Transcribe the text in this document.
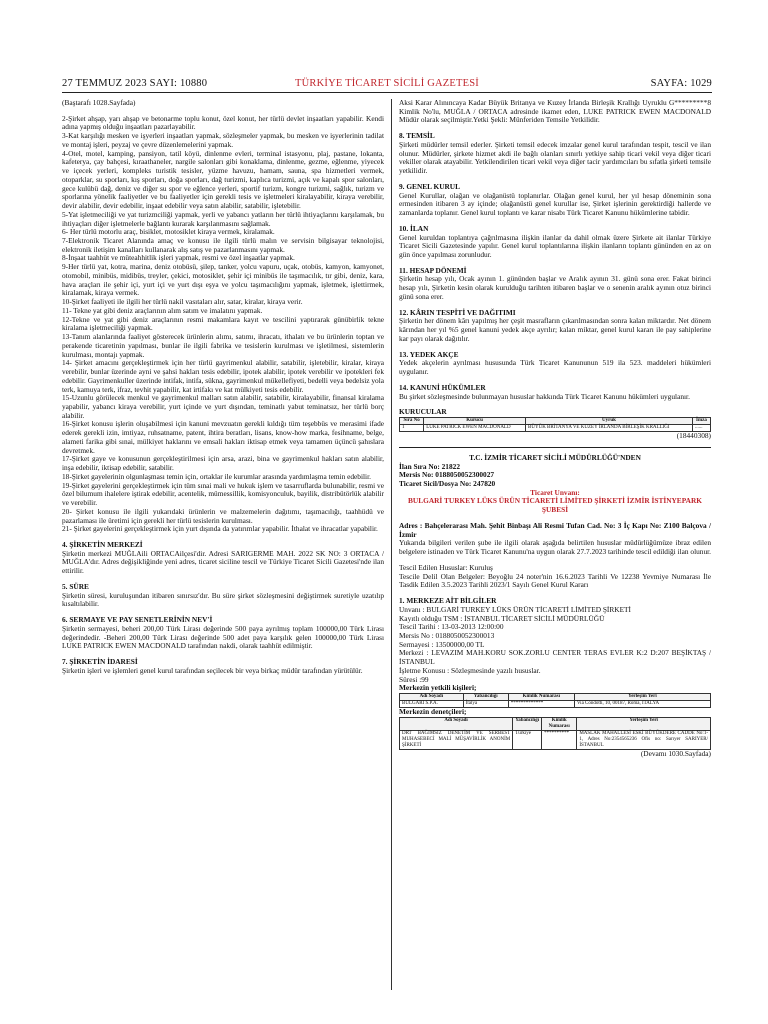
27 TEMMUZ 2023 SAYI: 10880	TÜRKİYE TİCARET SİCİLİ GAZETESİ	SAYFA: 1029

(Baştarafı 1028.Sayfada)

2-Şirket ahşap, yarı ahşap ve betonarme toplu konut, özel konut, her türlü devlet inşaatları yapabilir. Kendi adına yapmış olduğu inşaatları pazarlayabilir.

3-Kat karşılığı mesken ve işyerleri inşaatları yapmak, sözleşmeler yapmak, bu mesken ve işyerlerinin tadilat ve montaj işleri, peyzaj ve çevre düzenlemelerini yapmak.

4-Otel, motel, kamping, pansiyon, tatil köyü, dinlenme evleri, terminal istasyonu, plaj, pastane, lokanta, kafeterya, çay bahçesi, kıraathaneler, nargile salonları gibi konaklama, dinlenme, gezme, eğlenme, yiyecek ve içecek yerleri, kompleks turistik tesisler, yüzme havuzu, hamam, sauna, spa hizmetleri vermek, otoparklar, su sporları, kış sporları, doğa sporları, dağ turizmi, kaplıca turizmi, açık ve kapalı spor salonları, gece kulübü dağ, deniz ve diğer su spor ve eğlence yerleri, sportif turizm, kongre turizmi, sağlık, turizm ve sporlarına yönelik faaliyetler ve bu faaliyetler için gerekli tesis ve işletmeleri kiralayabilir, kiraya verebilir, devir alabilir, devir edebilir, inşaat edebilir veya satın alabilir, satabilir, işletebilir.

5-Yat işletmeciliği ve yat turizmciliği yapmak, yerli ve yabancı yatların her türlü ihtiyaçlarını karşılamak, bu ihtiyaçları diğer işletmelerle bağlantı kurarak karşılanmasını sağlamak.

6- Her türlü motorlu araç, bisiklet, motosiklet kiraya vermek, kiralamak.

7-Elektronik Ticaret Alanında amaç ve konusu ile ilgili türlü malın ve servisin bilgisayar teknolojisi, elektronik iletişim kanalları kullanarak alış satış ve pazarlanmasını yapmak.

8-İnşaat taahhüt ve müteahhitlik işleri yapmak, resmi ve özel inşaatlar yapmak.

9-Her türlü yat, kotra, marina, deniz otobüsü, şilep, tanker, yolcu vapuru, uçak, otobüs, kamyon, kamyonet, otomobil, minibüs, midibüs, treyler, çekici, motosiklet, şehir içi minibüs ile taşımacılık, tır gibi, deniz, kara, hava araçları ile şehir içi, yurt içi ve yurt dışı eşya ve yolcu taşımacılığını yapmak, işletmek, işlettirmek, kiralamak, kiraya vermek.

10-Şirket faaliyeti ile ilgili her türlü nakil vasıtaları alır, satar, kiralar, kiraya verir.

11- Tekne yat gibi deniz araçlarının alım satım ve imalatını yapmak.

12-Tekne ve yat gibi deniz araçlarının resmi makamlara kayıt ve tescilini yaptırarak günübirlik tekne kiralama işletmeciliği yapmak.

13-Tanım alanlarında faaliyet gösterecek ürünlerin alımı, satımı, ihracatı, ithalatı ve bu ürünlerin toptan ve perakende ticaretinin yapılması, bunlar ile ilgili fabrika ve tesislerin kurulması ve işletilmesi, sistemlerin kurulması, montajı yapmak.

14- Şirket amacını gerçekleştirmek için her türlü gayrimenkul alabilir, satabilir, işletebilir, kiralar, kiraya verebilir, bunlar üzerinde ayni ve şahsi hakları tesis edebilir, ipotek alabilir, ipotek verebilir ve ipotekleri fek edebilir. Gayrimenkuller üzerinde intifak, intifa, sükna, gayrimenkul mükellefiyeti, bedelli veya bedelsiz yola terk, kamuya terk, ifraz, tevhit yapabilir, kat irtifakı ve kat mülkiyeti tesis edebilir.

15-Uzunlu görülecek menkul ve gayrimenkul malları satın alabilir, satabilir, kiralayabilir, finansal kiralama yapabilir, yabancı kiraya verebilir, yurt içinde ve yurt dışından, teminatlı yabut teminatsız, her türlü borç alabilir.

16-Şirket konusu işlerin oluşabilmesi için kanuni mevzuatın gerekli kıldığı tüm teşebbüs ve merasimi ifade ederek gerekli izin, imtiyaz, ruhsatname, patent, ihtira beratları, lisans, know-how marka, fesihname, belge, alameti farika gibi sınai, mülkiyet haklarını ve emsali hakları iktisap etmek veya tamamen üçüncü şahıslara devretmek.

17-Şirket gaye ve konusunun gerçekleştirilmesi için arsa, arazi, bina ve gayrimenkul hakları satın alabilir, inşa edebilir, iktisap edebilir, satabilir.

18-Şirket gayelerinin olgunlaşması temin için, ortaklar ile kurumlar arasında yardımlaşma temin edebilir.

19-Şirket gayelerini gerçekleştirmek için tüm sınai mali ve hukuk işlem ve tasarruflarda bulunabilir, resmi ve özel bilumum ihalelere iştirak edebilir, acentelik, mümessillik, komisyonculuk, bayilik, distribütörlük alabilir ve verebilir.

20- Şirket konusu ile ilgili yukarıdaki ürünlerin ve malzemelerin dağıtımı, taşımacılığı, taahhüdü ve pazarlaması ile üretimi için gerekli her türlü tesislerin kurulması.

21- Şirket gayelerini gerçekleştirmek için yurt dışında da yatırımlar yapabilir. İthalat ve ihracatlar yapabilir.

4. ŞİRKETİN MERKEZİ

Şirketin merkezi MUĞLAili ORTACAilçesi'dir. Adresi SARIGERME MAH. 2022 SK NO: 3 ORTACA / MUĞLA'dır. Adres değişikliğinde yeni adres, ticaret siciline tescil ve Türkiye Ticaret Sicili Gazetesi'nde ilan ettirilir.

5. SÜRE

Şirketin süresi, kuruluşundan itibaren sınırsız'dır. Bu süre şirket sözleşmesini değiştirmek suretiyle uzatılıp kısaltılabilir.

6. SERMAYE VE PAY SENETLERİNİN NEV'İ

Şirketin sermayesi, beheri 200,00 Türk Lirası değerinde 500 paya ayrılmış toplam 100000,00 Türk Lirası değerindedir. -Beheri 200,00 Türk Lirası değerinde 500 adet paya karşılık gelen 100000,00 Türk Lirası LUKE PATRICK EWEN MACDONALD tarafından nakdi, olarak taahhüt edilmiştir.

7. ŞİRKETİN İDARESİ

Şirketin işleri ve işlemleri genel kurul tarafından seçilecek bir veya birkaç müdür tarafından yürütülür.

Aksi Karar Alınıncaya Kadar Büyük Britanya ve Kuzey İrlanda Birleşik Krallığı Uyruklu G*********8 Kimlik No'lu, MUĞLA / ORTACA adresinde ikamet eden, LUKE PATRICK EWEN MACDONALD Müdür olarak seçilmiştir.Yetki Şekli: Münferiden Temsile Yetkilidir.

8. TEMSİL

Şirketi müdürler temsil ederler. Şirketi temsil edecek imzalar genel kurul tarafından tespit, tescil ve ilan olunur. Müdürler, şirkete hizmet akdi ile bağlı olanları sınırlı yetkiye sahip ticari vekil veya diğer ticari vekiller olarak atayabilir. Yetkilendirilen ticari vekil veya diğer tacir yardımcıları bu sıfatla şirketi temsile yetkilidir.

9. GENEL KURUL

Genel Kurullar, olağan ve olağanüstü toplanırlar. Olağan genel kurul, her yıl hesap döneminin sona ermesinden itibaren 3 ay içinde; olağanüstü genel kurullar ise, Şirket işlerinin gerektirdiği hallerde ve zamanlarda toplanır. Genel kurul toplantı ve karar nisabı Türk Ticaret Kanunu hükümlerine tabidir.

10. İLAN

Genel kuruldan toplantıya çağrılmasına ilişkin ilanlar da dahil olmak üzere Şirkete ait ilanlar Türkiye Ticaret Sicili Gazetesinde yapılır. Genel kurul toplantılarına ilişkin ilanların toplantı gününden en az on gün önce yapılması zorunludur.

11. HESAP DÖNEMİ

Şirketin hesap yılı, Ocak ayının 1. gününden başlar ve Aralık ayının 31. günü sona erer. Fakat birinci hesap yılı, Şirketin kesin olarak kurulduğu tarihten itibaren başlar ve o senenin aralık ayının otuz birinci günü sona erer.

12. KÂRIN TESPİTİ VE DAĞITIMI

Şirketin her dönem kârı yapılmış her çeşit masrafların çıkarılmasından sonra kalan miktardır. Net dönem kârından her yıl %5 genel kanuni yedek akçe ayrılır; kalan miktar, genel kurul kararı ile pay sahiplerine kar payı olarak dağıtılır.

13. YEDEK AKÇE

Yedek akçelerin ayrılması hususunda Türk Ticaret Kanununun 519 ila 523. maddeleri hükümleri uygulanır.

14. KANUNİ HÜKÜMLER

Bu şirket sözleşmesinde bulunmayan hususlar hakkında Türk Ticaret Kanunu hükümleri uygulanır.

KURUCULAR

Sıra No	Kurucu	Uyruk	İmza
1	LUKE PATRICK EWEN MACDONALD	BÜYÜK BRİTANYA VE KUZEY İRLANDA BİRLEŞİK KRALLIĞI	......

(18440308)

T.C. İZMİR TİCARET SİCİLİ MÜDÜRLÜĞÜ'NDEN

İlan Sıra No: 21822

Mersis No: 0188050052300027

Ticaret Sicil/Dosya No: 247820

Ticaret Unvanı:

BULGARİ TURKEY LÜKS ÜRÜN TİCARETİ LİMİTED ŞİRKETİ İZMİR İSTİNYEPARK ŞUBESİ

Adres : Bahçelerarası Mah. Şehit Binbaşı Ali Resmi Tufan Cad. No: 3 İç Kapı No: Z100 Balçova / İzmir

Yukarıda bilgileri verilen şube ile ilgili olarak aşağıda belirtilen hususlar müdürlüğümüze ibraz edilen belgelere istinaden ve Türk Ticaret Kanunu'na uygun olarak 27.7.2023 tarihinde tescil edildiği ilan olunur.

Tescil Edilen Hususlar: Kuruluş

Tescile Delil Olan Belgeler: Beyoğlu 24 noter'nin 16.6.2023 Tarihli Ve 12238 Yevmiye Numarası İle Tasdik Edilen 3.5.2023 Tarihli 2023/1 Sayılı Genel Kurul Kararı

1. MERKEZE AİT BİLGİLER

Unvanı : BULGARİ TURKEY LÜKS ÜRÜN TİCARETİ LİMİTED ŞİRKETİ

Kayıtlı olduğu TSM : İSTANBUL TİCARET SİCİLİ MÜDÜRLÜĞÜ

Tescil Tarihi : 13-03-2013 12:00:00

Mersis No : 0188050052300013

Sermayesi : 13500000,00 TL

Merkezi : LEVAZIM MAH.KORU SOK.ZORLU CENTER TERAS EVLER K:2 D:207 BEŞİKTAŞ / İSTANBUL

İşletme Konusu : Sözleşmesinde yazılı hususlar.

Süresi :99

Merkezin yetkili kişileri;

Adı Soyadı	Yabancılığı	Kimlik Numarası	Yerleşim Yeri
BULGARI S.P.A.	İtalya	*************	Via Condotti, 10, 00187, Roma, ITALYA

Merkezin denetçileri;

Adı Soyadı	Yabancılığı	Kimlik Numarası	Yerleşim Yeri
DRT BAĞIMSIZ DENETİM VE SERBEST MUHASEBECİ MALİ MÜŞAVİRLİK ANONİM ŞİRKETİ	Türkiye	**********	MASLAK MAHALLESİ ESKİ BÜYÜKDERE CADDE No:1-1, Adres No:2354565236 Ofis no: Sarıyer SARIYER/İSTANBUL

(Devamı 1030.Sayfada)
